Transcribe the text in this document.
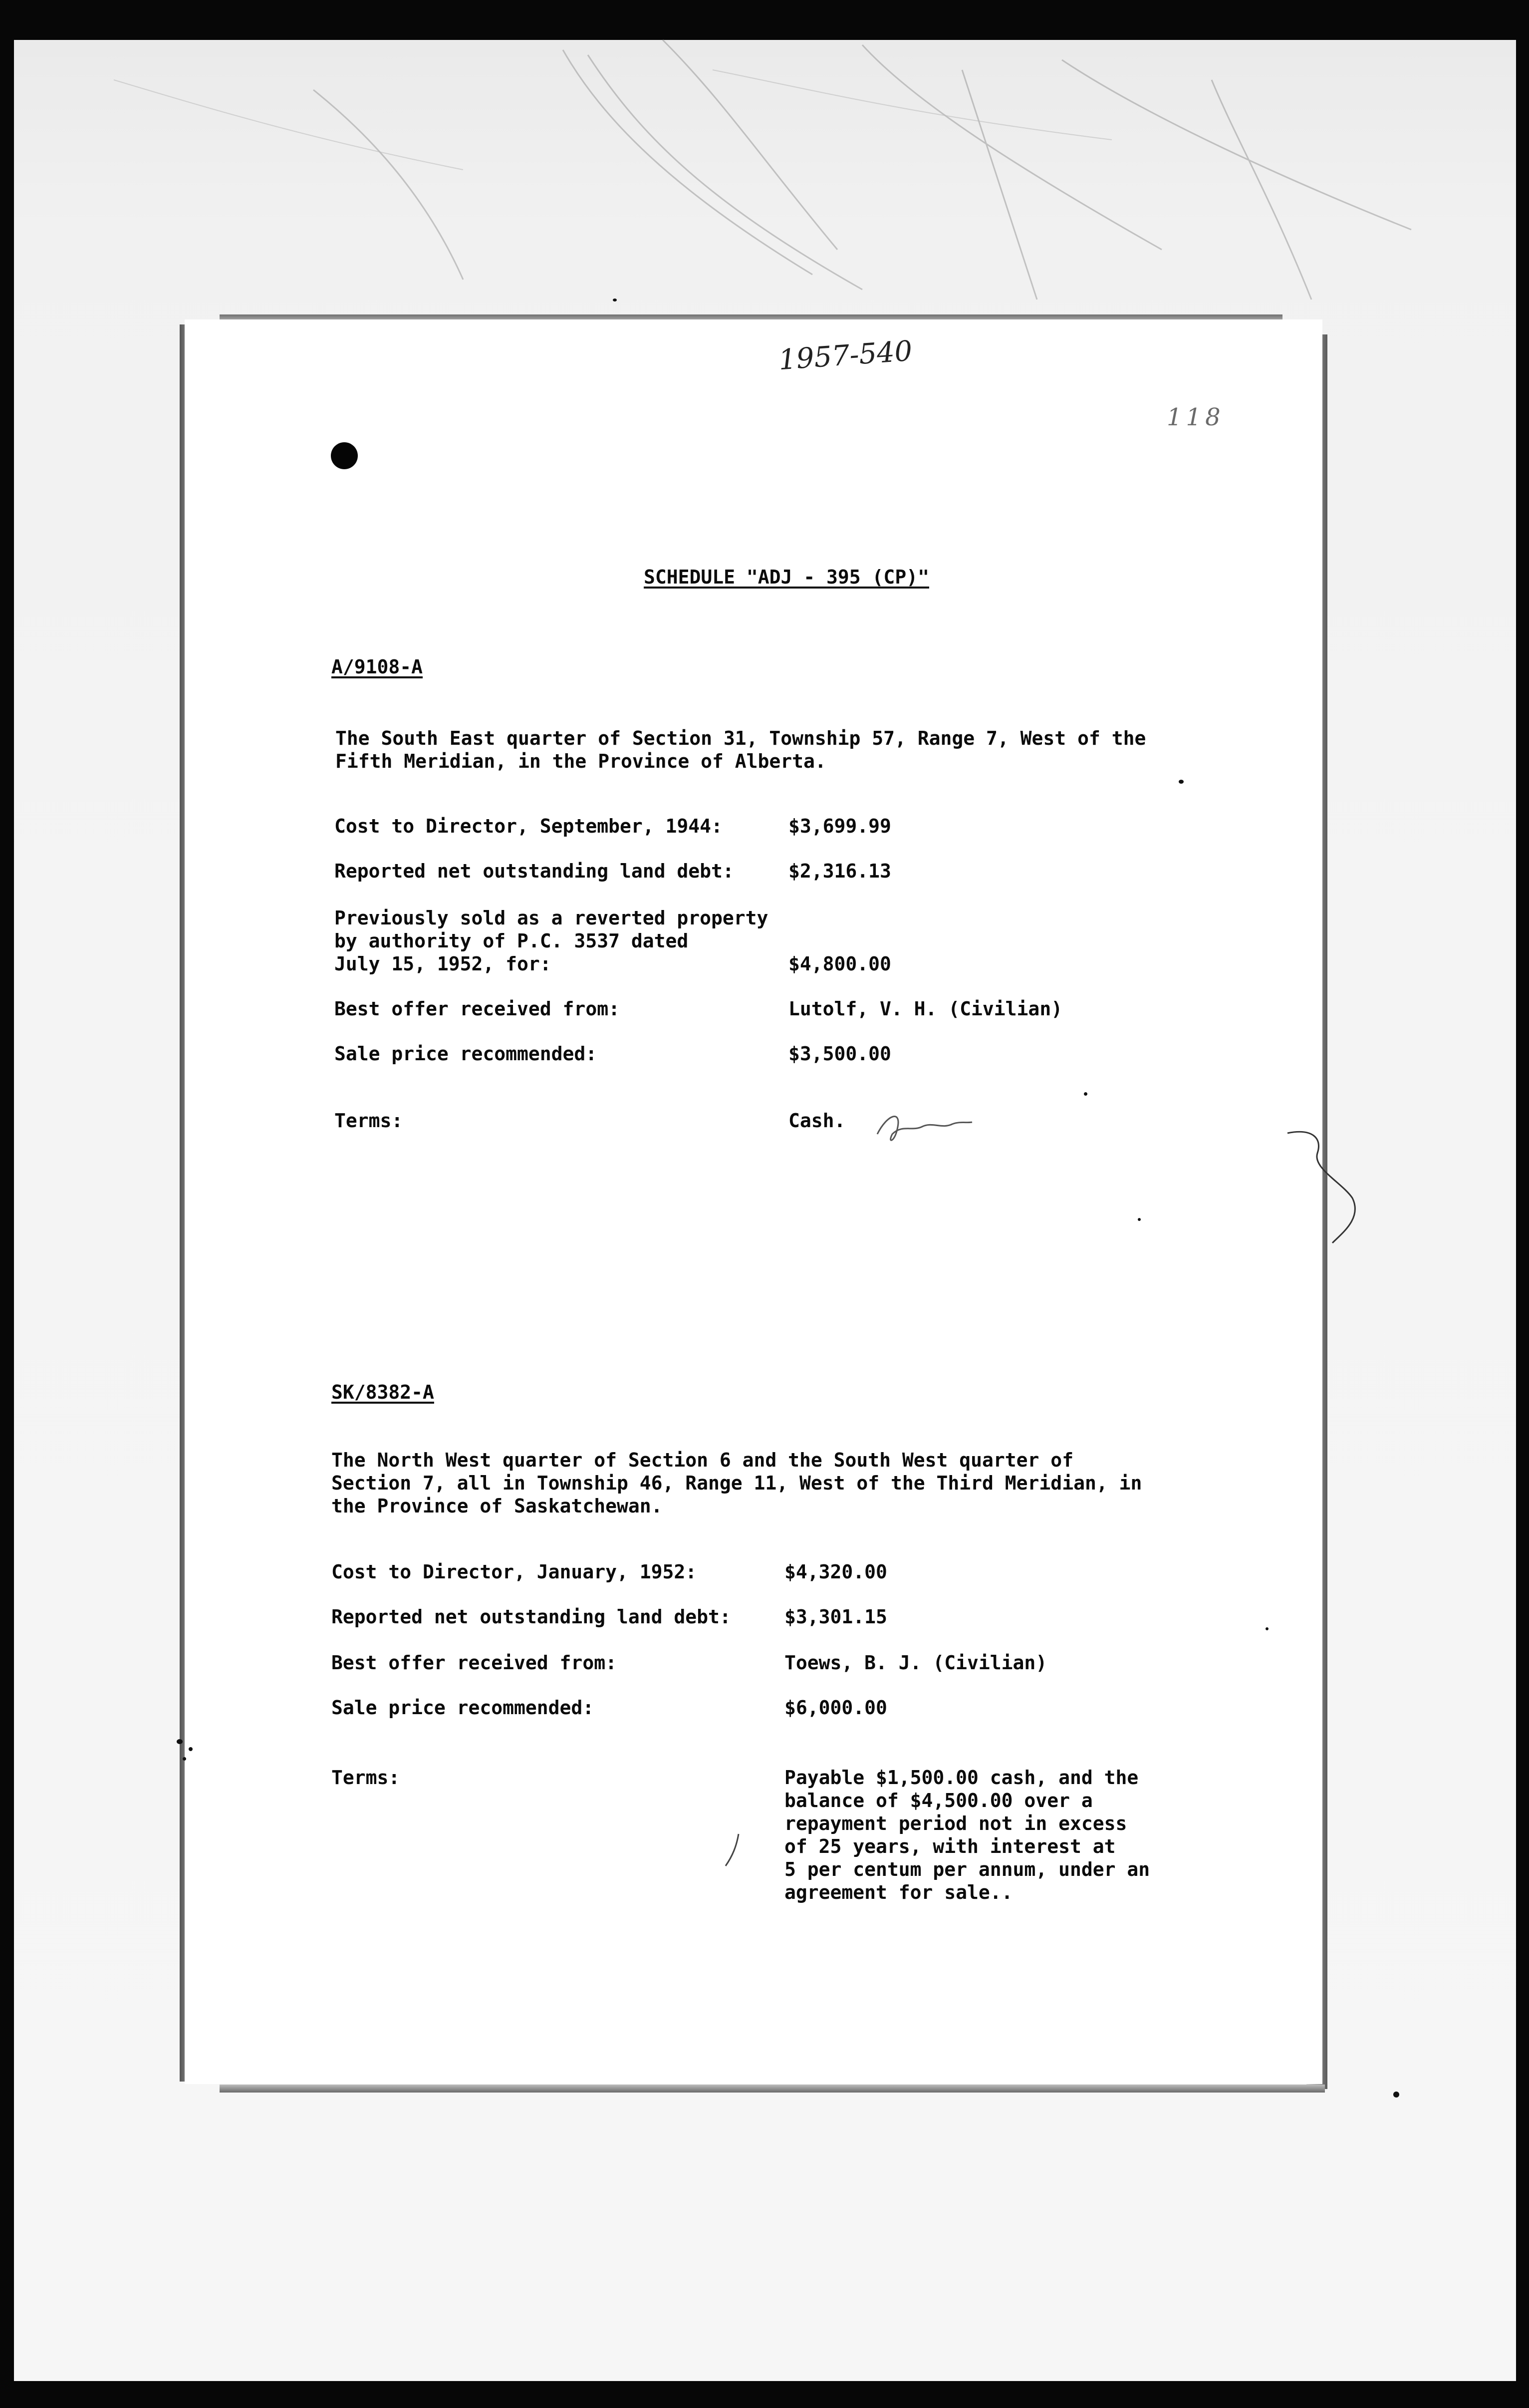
1957-540
118

SCHEDULE "ADJ - 395 (CP)"

A/9108-A

The South East quarter of Section 31, Township 57, Range 7, West of the
Fifth Meridian, in the Province of Alberta.

Cost to Director, September, 1944:	$3,699.99

Reported net outstanding land debt:	$2,316.13

Previously sold as a reverted property
by authority of P.C. 3537 dated
July 15, 1952, for:	$4,800.00

Best offer received from:	Lutolf, V. H. (Civilian)

Sale price recommended:	$3,500.00

Terms:	Cash.

SK/8382-A

The North West quarter of Section 6 and the South West quarter of
Section 7, all in Township 46, Range 11, West of the Third Meridian, in
the Province of Saskatchewan.

Cost to Director, January, 1952:	$4,320.00

Reported net outstanding land debt:	$3,301.15

Best offer received from:	Toews, B. J. (Civilian)

Sale price recommended:	$6,000.00

Terms:	Payable $1,500.00 cash, and the
balance of $4,500.00 over a
repayment period not in excess
of 25 years, with interest at
5 per centum per annum, under an
agreement for sale..
